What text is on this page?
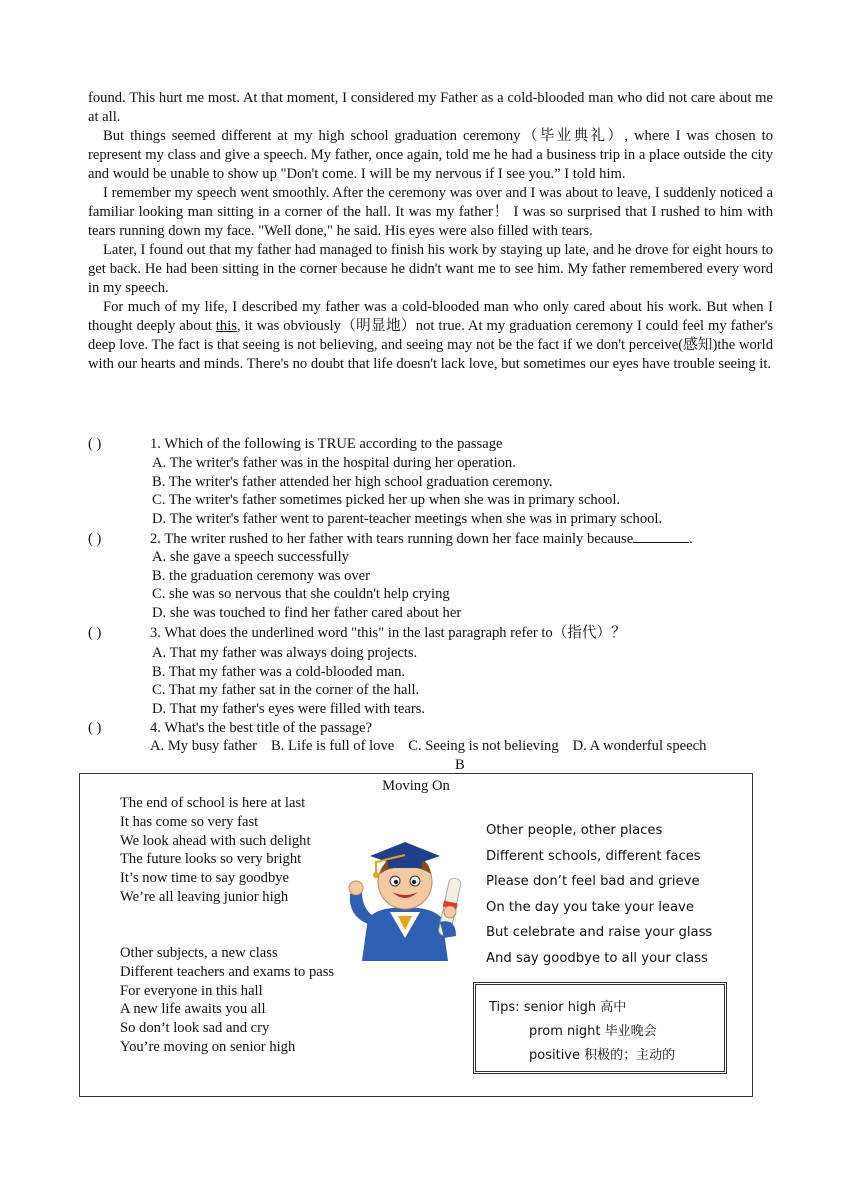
found. This hurt me most. At that moment, I considered my Father as a cold-blooded man who did not care about me at all.

But things seemed different at my high school graduation ceremony（毕业典礼）, where I was chosen to represent my class and give a speech. My father, once again, told me he had a business trip in a place outside the city and would be unable to show up "Don't come. I will be my nervous if I see you.” I told him.

I remember my speech went smoothly. After the ceremony was over and I was about to leave, I suddenly noticed a familiar looking man sitting in a corner of the hall. It was my father！ I was so surprised that I rushed to him with tears running down my face. "Well done," he said. His eyes were also filled with tears.

Later, I found out that my father had managed to finish his work by staying up late, and he drove for eight hours to get back. He had been sitting in the corner because he didn't want me to see him. My father remembered every word in my speech.

For much of my life, I described my father was a cold-blooded man who only cared about his work. But when I thought deeply about this, it was obviously（明显地）not true. At my graduation ceremony I could feel my father's deep love. The fact is that seeing is not believing, and seeing may not be the fact if we don't perceive(感知)the world with our hearts and minds. There's no doubt that life doesn't lack love, but sometimes our eyes have trouble seeing it.

( )	1. Which of the following is TRUE according to the passage
A. The writer's father was in the hospital during her operation.
B. The writer's father attended her high school graduation ceremony.
C. The writer's father sometimes picked her up when she was in primary school.
D. The writer's father went to parent-teacher meetings when she was in primary school.
( )	2. The writer rushed to her father with tears running down her face mainly because	.
A. she gave a speech successfully
B. the graduation ceremony was over
C. she was so nervous that she couldn't help crying
D. she was touched to find her father cared about her
( )	3. What does the underlined word "this" in the last paragraph refer to（指代）？
A. That my father was always doing projects.
B. That my father was a cold-blooded man.
C. That my father sat in the corner of the hall.
D. That my father's eyes were filled with tears.
( )	4. What's the best title of the passage?
A. My busy father B. Life is full of love C. Seeing is not believing D. A wonderful speech
B
Moving On
The end of school is here at last
It has come so very fast
We look ahead with such delight
The future looks so very bright
It’s now time to say goodbye
We’re all leaving junior high
Other subjects, a new class
Different teachers and exams to pass
For everyone in this hall
A new life awaits you all
So don’t look sad and cry
You’re moving on senior high
Other people, other places
Different schools, different faces
Please don’t feel bad and grieve
On the day you take your leave
But celebrate and raise your glass
And say goodbye to all your class
Tips: senior high 高中
prom night 毕业晚会
positive 积极的；主动的
